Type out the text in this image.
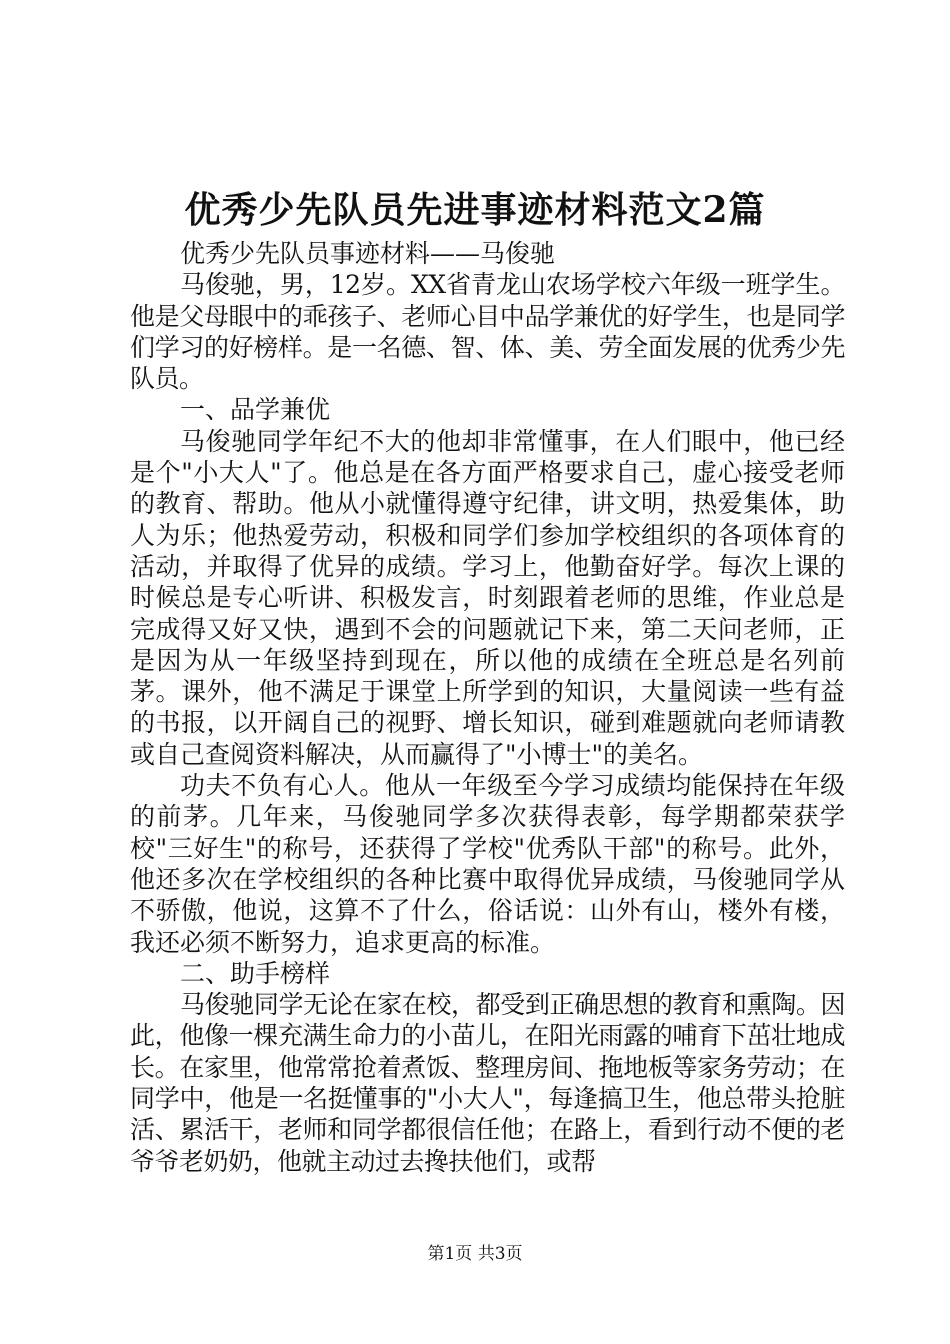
优秀少先队员先进事迹材料范文2篇

优秀少先队员事迹材料——马俊驰

马俊驰，男，12岁。XX省青龙山农场学校六年级一班学生。他是父母眼中的乖孩子、老师心目中品学兼优的好学生，也是同学们学习的好榜样。是一名德、智、体、美、劳全面发展的优秀少先队员。

一、品学兼优

马俊驰同学年纪不大的他却非常懂事，在人们眼中，他已经是个"小大人"了。他总是在各方面严格要求自己，虚心接受老师的教育、帮助。他从小就懂得遵守纪律，讲文明，热爱集体，助人为乐；他热爱劳动，积极和同学们参加学校组织的各项体育的活动，并取得了优异的成绩。学习上，他勤奋好学。每次上课的时候总是专心听讲、积极发言，时刻跟着老师的思维，作业总是完成得又好又快，遇到不会的问题就记下来，第二天问老师，正是因为从一年级坚持到现在，所以他的成绩在全班总是名列前茅。课外，他不满足于课堂上所学到的知识，大量阅读一些有益的书报，以开阔自己的视野、增长知识，碰到难题就向老师请教或自己查阅资料解决，从而赢得了"小博士"的美名。

功夫不负有心人。他从一年级至今学习成绩均能保持在年级的前茅。几年来，马俊驰同学多次获得表彰，每学期都荣获学校"三好生"的称号，还获得了学校"优秀队干部"的称号。此外，他还多次在学校组织的各种比赛中取得优异成绩，马俊驰同学从不骄傲，他说，这算不了什么，俗话说：山外有山，楼外有楼，我还必须不断努力，追求更高的标准。

二、助手榜样

马俊驰同学无论在家在校，都受到正确思想的教育和熏陶。因此，他像一棵充满生命力的小苗儿，在阳光雨露的哺育下茁壮地成长。在家里，他常常抢着煮饭、整理房间、拖地板等家务劳动；在同学中，他是一名挺懂事的"小大人"，每逢搞卫生，他总带头抢脏活、累活干，老师和同学都很信任他；在路上，看到行动不便的老爷爷老奶奶，他就主动过去搀扶他们，或帮

第1页 共3页
